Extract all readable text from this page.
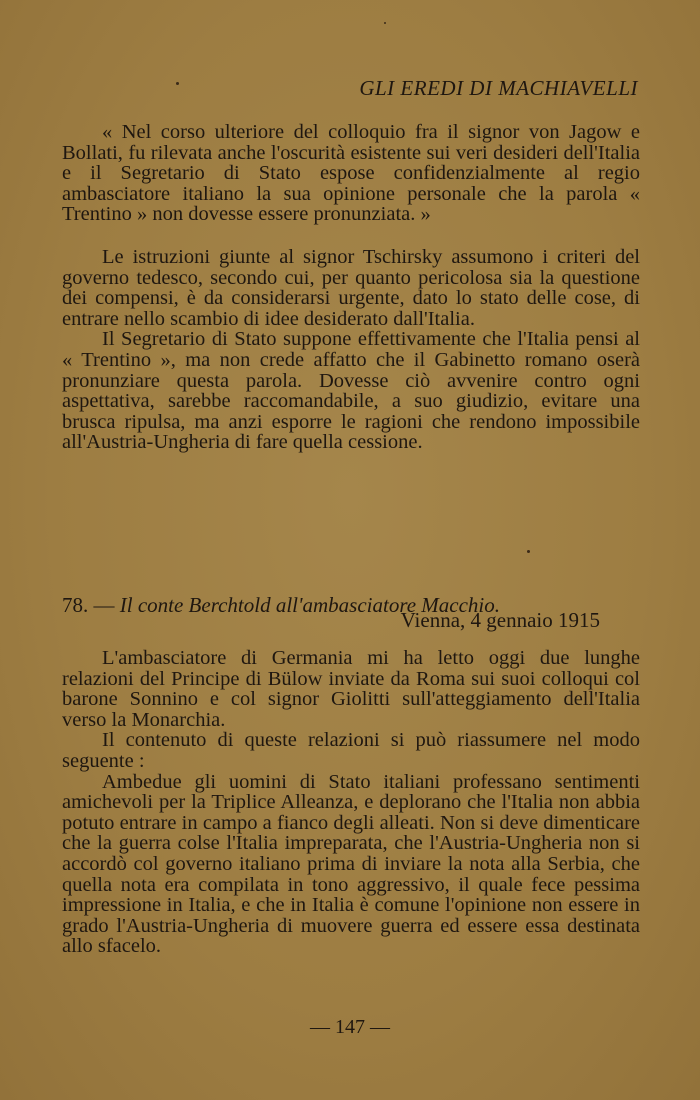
GLI EREDI DI MACHIAVELLI

« Nel corso ulteriore del colloquio fra il signor von Jagow e Bollati, fu rilevata anche l'oscurità esistente sui veri desideri dell'Italia e il Segretario di Stato espose confidenzialmente al regio ambasciatore italiano la sua opinione personale che la parola « Trentino » non dovesse essere pronunziata. »

Le istruzioni giunte al signor Tschirsky assumono i criteri del governo tedesco, secondo cui, per quanto pericolosa sia la questione dei compensi, è da considerarsi urgente, dato lo stato delle cose, di entrare nello scambio di idee desiderato dall'Italia.

Il Segretario di Stato suppone effettivamente che l'Italia pensi al « Trentino », ma non crede affatto che il Gabinetto romano oserà pronunziare questa parola. Dovesse ciò avvenire contro ogni aspettativa, sarebbe raccomandabile, a suo giudizio, evitare una brusca ripulsa, ma anzi esporre le ragioni che rendono impossibile all'Austria-Ungheria di fare quella cessione.

78. — Il conte Berchtold all'ambasciatore Macchio.
Vienna, 4 gennaio 1915

L'ambasciatore di Germania mi ha letto oggi due lunghe relazioni del Principe di Bülow inviate da Roma sui suoi colloqui col barone Sonnino e col signor Giolitti sull'atteggiamento dell'Italia verso la Monarchia.

Il contenuto di queste relazioni si può riassumere nel modo seguente :

Ambedue gli uomini di Stato italiani professano sentimenti amichevoli per la Triplice Alleanza, e deplorano che l'Italia non abbia potuto entrare in campo a fianco degli alleati. Non si deve dimenticare che la guerra colse l'Italia impreparata, che l'Austria-Ungheria non si accordò col governo italiano prima di inviare la nota alla Serbia, che quella nota era compilata in tono aggressivo, il quale fece pessima impressione in Italia, e che in Italia è comune l'opinione non essere in grado l'Austria-Ungheria di muovere guerra ed essere essa destinata allo sfacelo.

— 147 —
